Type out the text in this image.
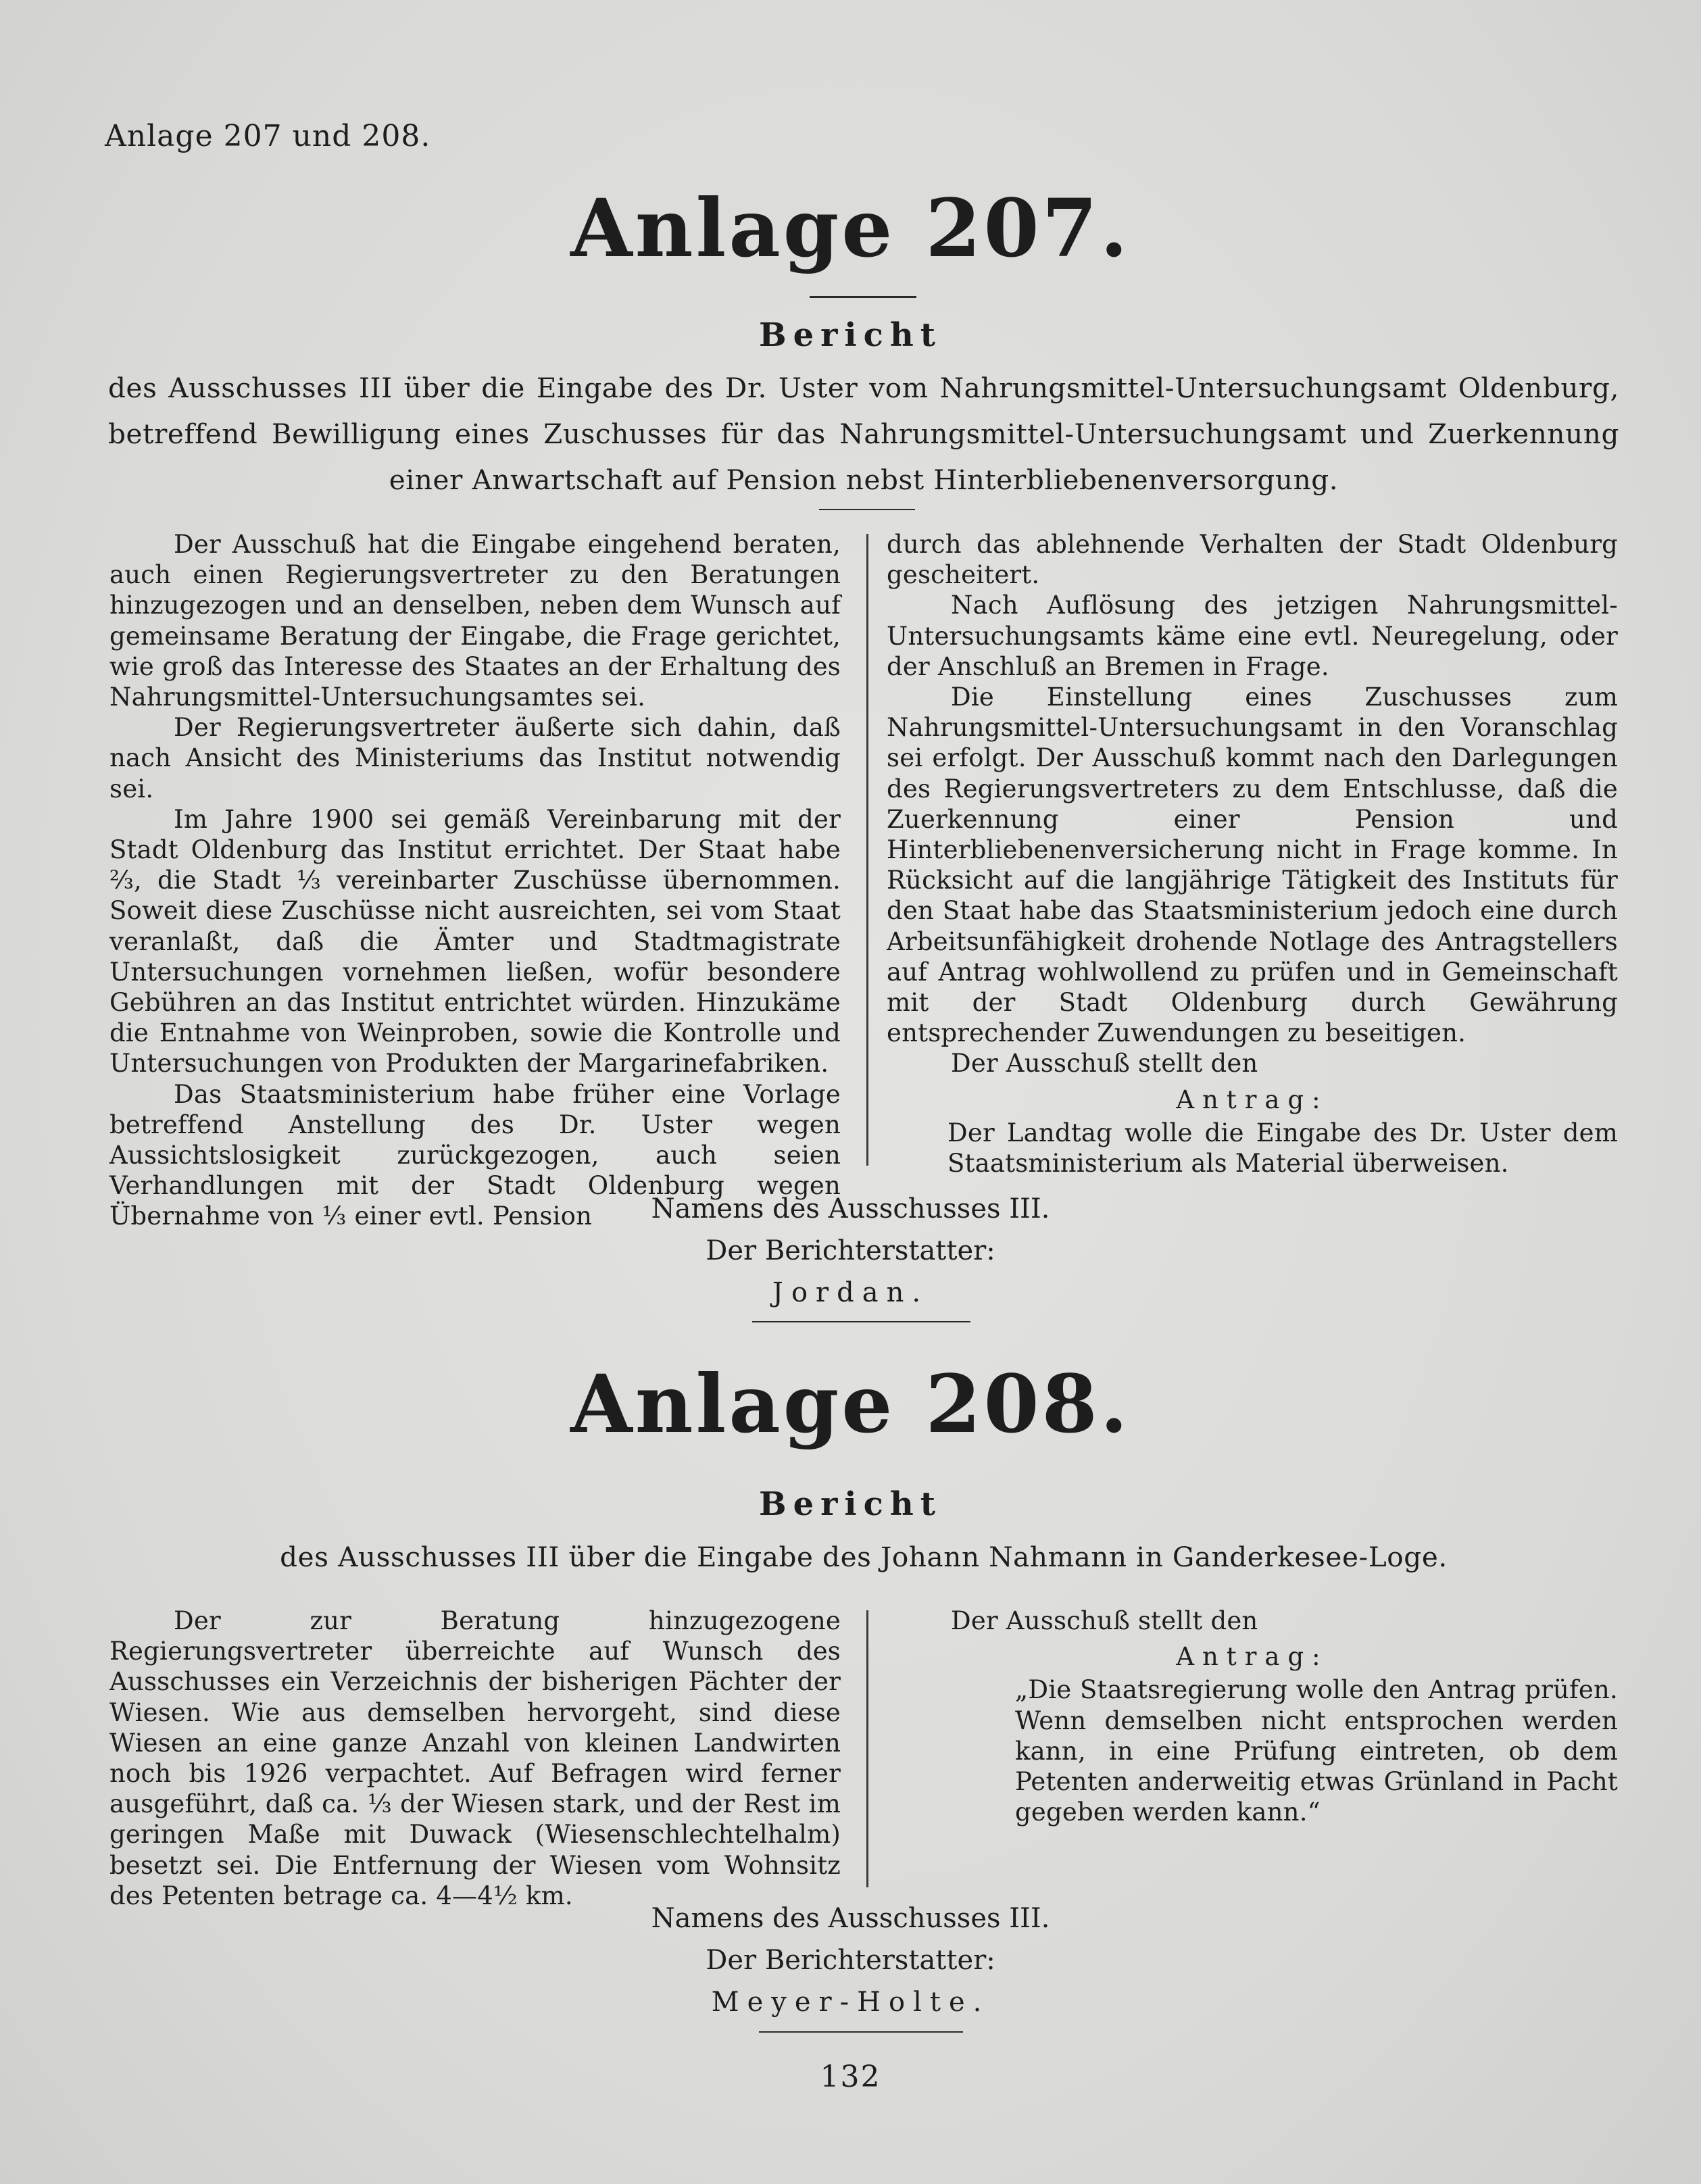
Anlage 207 und 208.
Anlage 207.
Bericht
des Ausschusses III über die Eingabe des Dr. Uster vom Nahrungsmittel-Untersuchungsamt Oldenburg, betreffend Bewilligung eines Zuschusses für das Nahrungsmittel-Untersuchungsamt und Zuerkennung einer Anwartschaft auf Pension nebst Hinterbliebenenversorgung.

Der Ausschuß hat die Eingabe eingehend beraten, auch einen Regierungsvertreter zu den Beratungen hinzugezogen und an denselben, neben dem Wunsch auf gemeinsame Beratung der Eingabe, die Frage gerichtet, wie groß das Interesse des Staates an der Erhaltung des Nahrungsmittel-Untersuchungsamtes sei.

Der Regierungsvertreter äußerte sich dahin, daß nach Ansicht des Ministeriums das Institut notwendig sei.

Im Jahre 1900 sei gemäß Vereinbarung mit der Stadt Oldenburg das Institut errichtet. Der Staat habe ⅔, die Stadt ⅓ vereinbarter Zuschüsse übernommen. Soweit diese Zuschüsse nicht ausreichten, sei vom Staat veranlaßt, daß die Ämter und Stadtmagistrate Untersuchungen vornehmen ließen, wofür besondere Gebühren an das Institut entrichtet würden. Hinzukäme die Entnahme von Weinproben, sowie die Kontrolle und Untersuchungen von Produkten der Margarinefabriken.

Das Staatsministerium habe früher eine Vorlage betreffend Anstellung des Dr. Uster wegen Aussichtslosigkeit zurückgezogen, auch seien Verhandlungen mit der Stadt Oldenburg wegen Übernahme von ⅓ einer evtl. Pension

durch das ablehnende Verhalten der Stadt Oldenburg gescheitert.

Nach Auflösung des jetzigen Nahrungsmittel-Untersuchungsamts käme eine evtl. Neuregelung, oder der Anschluß an Bremen in Frage.

Die Einstellung eines Zuschusses zum Nahrungsmittel-Untersuchungsamt in den Voranschlag sei erfolgt. Der Ausschuß kommt nach den Darlegungen des Regierungsvertreters zu dem Entschlusse, daß die Zuerkennung einer Pension und Hinterbliebenenversicherung nicht in Frage komme. In Rücksicht auf die langjährige Tätigkeit des Instituts für den Staat habe das Staatsministerium jedoch eine durch Arbeitsunfähigkeit drohende Notlage des Antragstellers auf Antrag wohlwollend zu prüfen und in Gemeinschaft mit der Stadt Oldenburg durch Gewährung entsprechender Zuwendungen zu beseitigen.

Der Ausschuß stellt den

Antrag:

Der Landtag wolle die Eingabe des Dr. Uster dem Staatsministerium als Material überweisen.

Namens des Ausschusses III.
Der Berichterstatter:
Jordan.
Anlage 208.
Bericht
des Ausschusses III über die Eingabe des Johann Nahmann in Ganderkesee-Loge.

Der zur Beratung hinzugezogene Regierungsvertreter überreichte auf Wunsch des Ausschusses ein Verzeichnis der bisherigen Pächter der Wiesen. Wie aus demselben hervorgeht, sind diese Wiesen an eine ganze Anzahl von kleinen Landwirten noch bis 1926 verpachtet. Auf Befragen wird ferner ausgeführt, daß ca. ⅓ der Wiesen stark, und der Rest im geringen Maße mit Duwack (Wiesenschlechtelhalm) besetzt sei. Die Entfernung der Wiesen vom Wohnsitz des Petenten betrage ca. 4—4½ km.

Der Ausschuß stellt den

Antrag:

„Die Staatsregierung wolle den Antrag prüfen. Wenn demselben nicht entsprochen werden kann, in eine Prüfung eintreten, ob dem Petenten anderweitig etwas Grünland in Pacht gegeben werden kann.“

Namens des Ausschusses III.
Der Berichterstatter:
Meyer-Holte.
132
